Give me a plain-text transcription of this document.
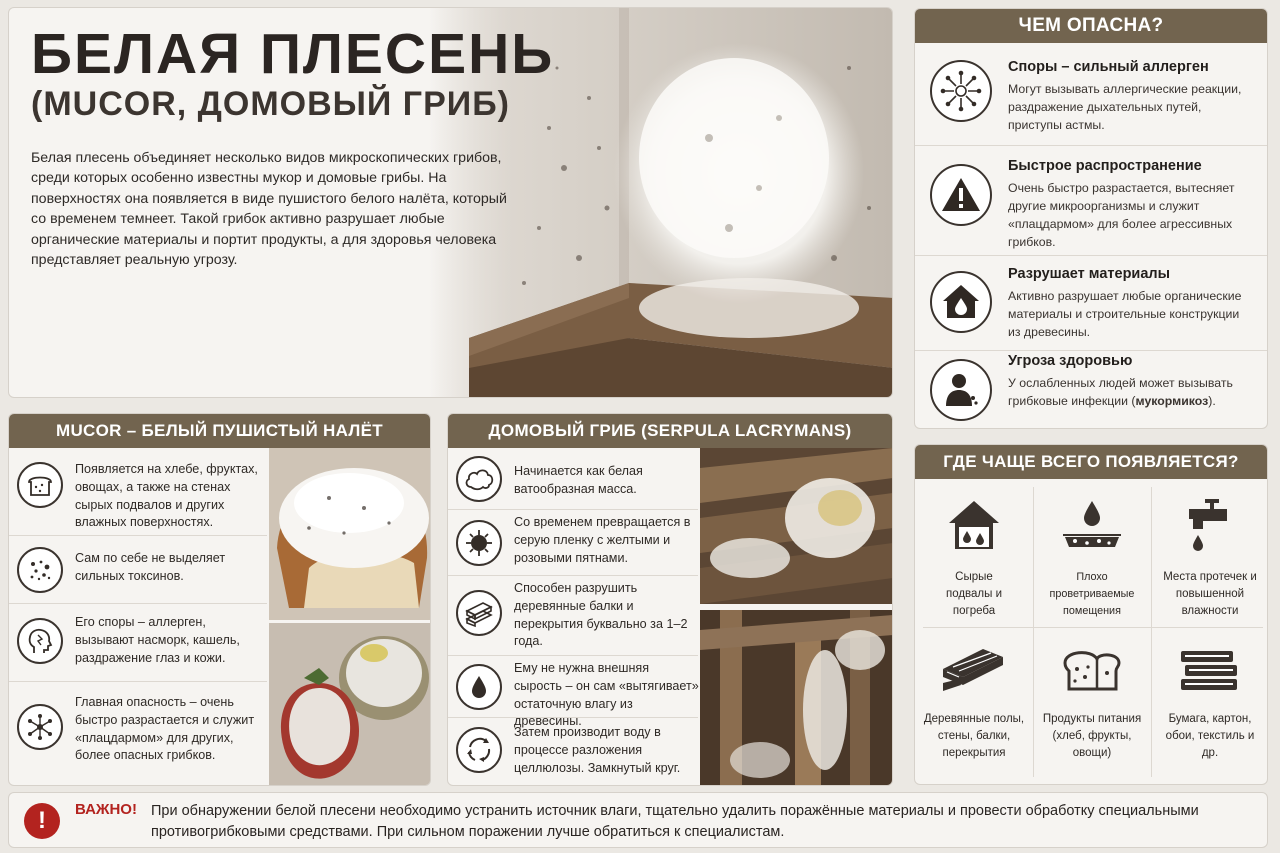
БЕЛАЯ ПЛЕСЕНЬ
(MUCOR, ДОМОВЫЙ ГРИБ)
Белая плесень объединяет несколько видов микроскопических грибов, среди которых особенно известны мукор и домовые грибы. На поверхностях она появляется в виде пушистого белого налёта, который со временем темнеет. Такой грибок активно разрушает любые органические материалы и портит продукты, а для здоровья человека представляет реальную угрозу.
ЧЕМ ОПАСНА?
Споры – сильный аллерген
Могут вызывать аллергические реакции, раздражение дыхательных путей, приступы астмы.
Быстрое распространение
Очень быстро разрастается, вытесняет другие микроорганизмы и служит «плацдармом» для более агрессивных грибков.
Разрушает материалы
Активно разрушает любые органические материалы и строительные конструкции из древесины.
Угроза здоровью
У ослабленных людей может вызывать грибковые инфекции (мукормикоз).
MUCOR – БЕЛЫЙ ПУШИСТЫЙ НАЛЁТ
Появляется на хлебе, фруктах, овощах, а также на стенах сырых подвалов и других влажных поверхностях.
Сам по себе не выделяет сильных токсинов.
Его споры – аллерген, вызывают насморк, кашель, раздражение глаз и кожи.
Главная опасность – очень быстро разрастается и служит «плацдармом» для других, более опасных грибков.
ДОМОВЫЙ ГРИБ (SERPULA LACRYMANS)
Начинается как белая ватообразная масса.
Со временем превращается в серую пленку с желтыми и розовыми пятнами.
Способен разрушить деревянные балки и перекрытия буквально за 1–2 года.
Ему не нужна внешняя сырость – он сам «вытягивает» остаточную влагу из древесины.
Затем производит воду в процессе разложения целлюлозы. Замкнутый круг.
ГДЕ ЧАЩЕ ВСЕГО ПОЯВЛЯЕТСЯ?
Сырые подвалы и погреба
Плохо проветриваемые помещения
Места протечек и повышенной влажности
Деревянные полы, стены, балки, перекрытия
Продукты питания (хлеб, фрукты, овощи)
Бумага, картон, обои, текстиль и др.
!	ВАЖНО! При обнаружении белой плесени необходимо устранить источник влаги, тщательно удалить поражённые материалы и провести обработку специальными противогрибковыми средствами. При сильном поражении лучше обратиться к специалистам.
